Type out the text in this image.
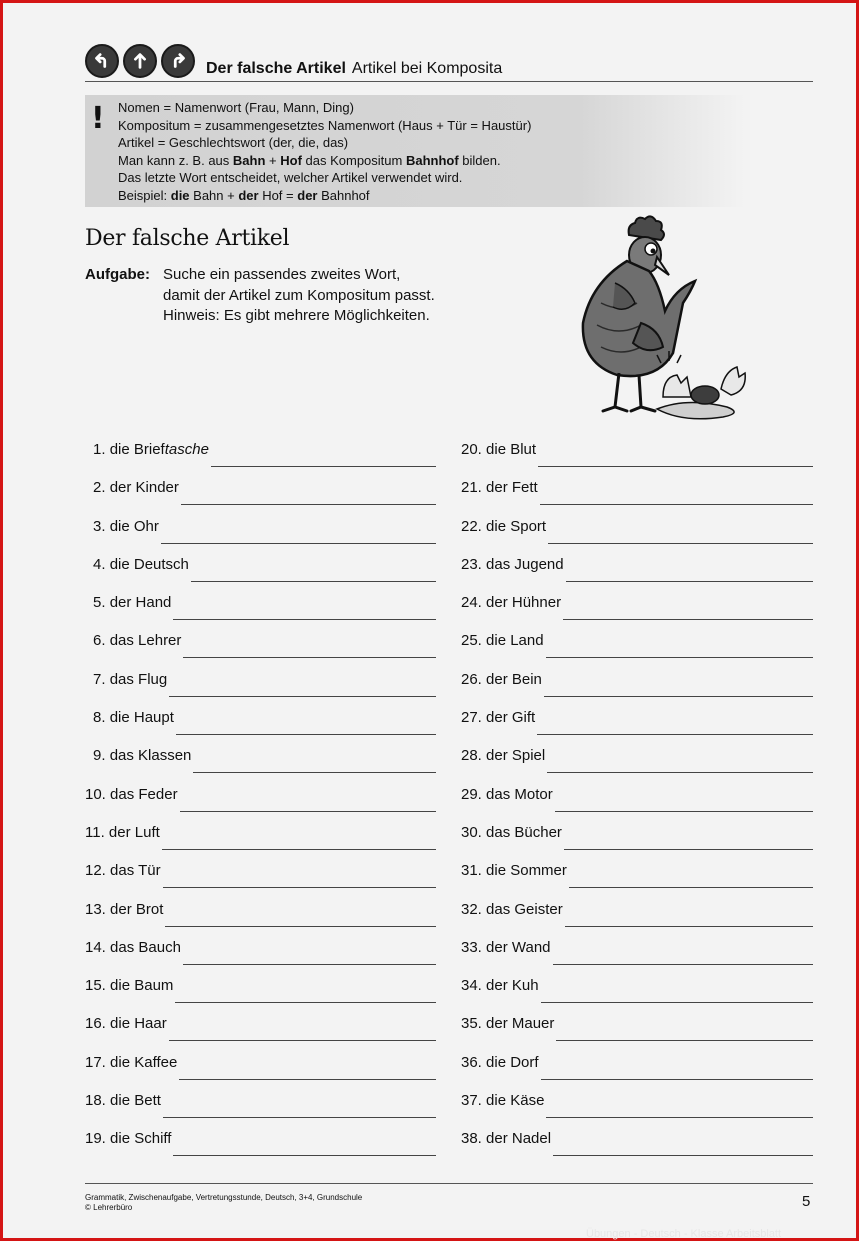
Der falsche Artikel Artikel bei Komposita
! Nomen = Namenwort (Frau, Mann, Ding)
Kompositum = zusammengesetztes Namenwort (Haus + Tür = Haustür)
Artikel = Geschlechtswort (der, die, das)
Man kann z. B. aus Bahn + Hof das Kompositum Bahnhof bilden.
Das letzte Wort entscheidet, welcher Artikel verwendet wird.
Beispiel: die Bahn + der Hof = der Bahnhof
Der falsche Artikel
Aufgabe: Suche ein passendes zweites Wort,
damit der Artikel zum Kompositum passt.
Hinweis: Es gibt mehrere Möglichkeiten.
1.
die Brieftasche
2.
der Kinder
3.
die Ohr
4.
die Deutsch
5.
der Hand
6.
das Lehrer
7.
das Flug
8.
die Haupt
9.
das Klassen
10.
das Feder
11.
der Luft
12.
das Tür
13.
der Brot
14.
das Bauch
15.
die Baum
16.
die Haar
17.
die Kaffee
18.
die Bett
19.
die Schiff
20.
die Blut
21.
der Fett
22.
die Sport
23.
das Jugend
24.
der Hühner
25.
die Land
26.
der Bein
27.
der Gift
28.
der Spiel
29.
das Motor
30.
das Bücher
31.
die Sommer
32.
das Geister
33.
der Wand
34.
der Kuh
35.
der Mauer
36.
die Dorf
37.
die Käse
38.
der Nadel
Grammatik, Zwischenaufgabe, Vertretungsstunde, Deutsch, 3+4, Grundschule
© Lehrerbüro	5
Übungen - Deutsch - Klasse Arbeitsblatt
